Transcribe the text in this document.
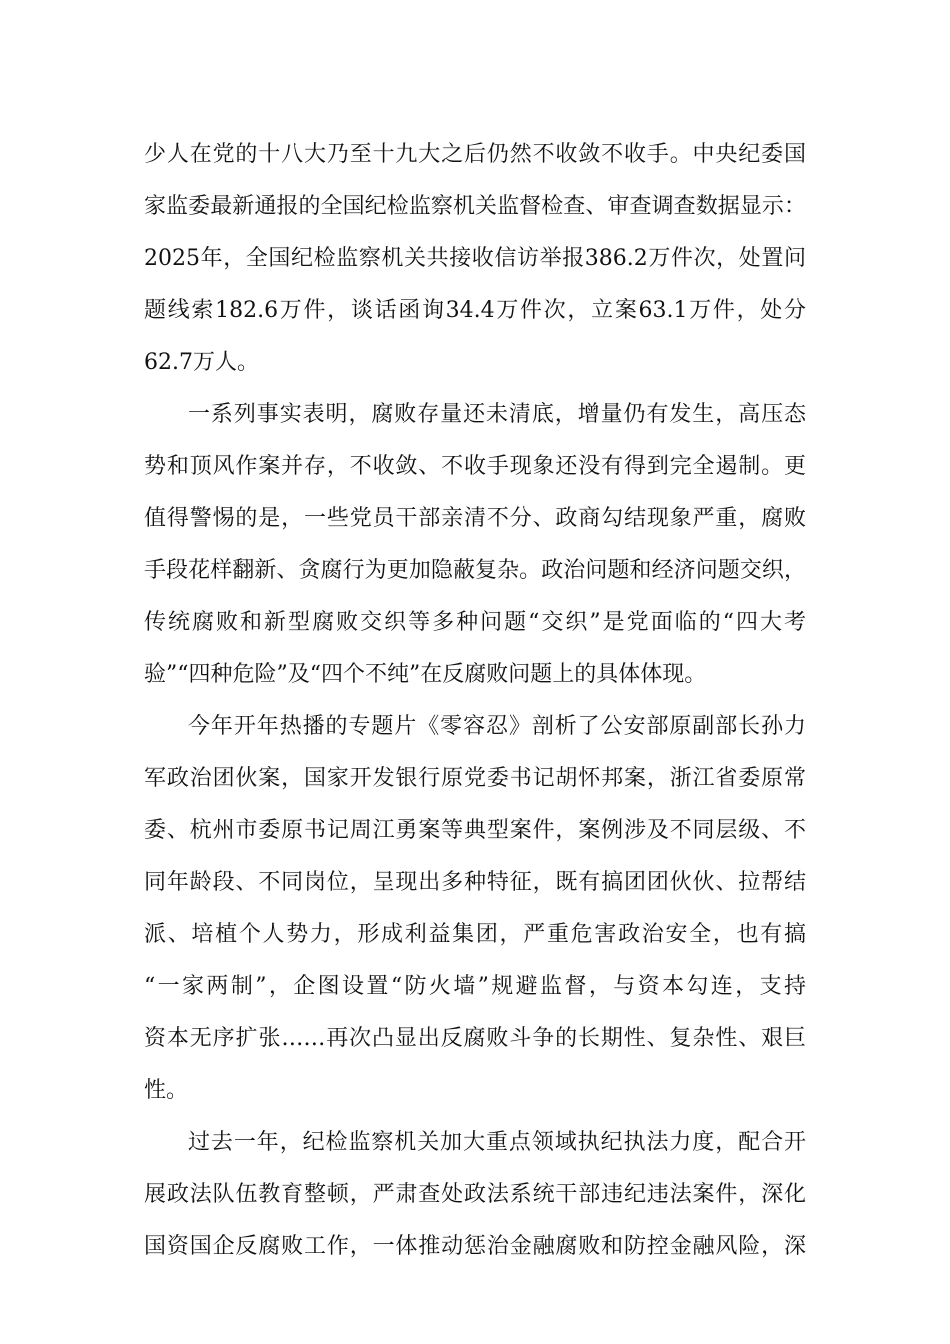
少人在党的十八大乃至十九大之后仍然不收敛不收手。中央纪委国
家监委最新通报的全国纪检监察机关监督检查、审查调查数据显示：
2025年，全国纪检监察机关共接收信访举报386.2万件次，处置问
题线索182.6万件，谈话函询34.4万件次，立案63.1万件，处分
62.7万人。
一系列事实表明，腐败存量还未清底，增量仍有发生，高压态
势和顶风作案并存，不收敛、不收手现象还没有得到完全遏制。更
值得警惕的是，一些党员干部亲清不分、政商勾结现象严重，腐败
手段花样翻新、贪腐行为更加隐蔽复杂。政治问题和经济问题交织，
传统腐败和新型腐败交织等多种问题“交织”是党面临的“四大考
验”“四种危险”及“四个不纯”在反腐败问题上的具体体现。
今年开年热播的专题片《零容忍》剖析了公安部原副部长孙力
军政治团伙案，国家开发银行原党委书记胡怀邦案，浙江省委原常
委、杭州市委原书记周江勇案等典型案件，案例涉及不同层级、不
同年龄段、不同岗位，呈现出多种特征，既有搞团团伙伙、拉帮结
派、培植个人势力，形成利益集团，严重危害政治安全，也有搞
“一家两制”，企图设置“防火墙”规避监督，与资本勾连，支持
资本无序扩张……再次凸显出反腐败斗争的长期性、复杂性、艰巨
性。
过去一年，纪检监察机关加大重点领域执纪执法力度，配合开
展政法队伍教育整顿，严肃查处政法系统干部违纪违法案件，深化
国资国企反腐败工作，一体推动惩治金融腐败和防控金融风险，深
